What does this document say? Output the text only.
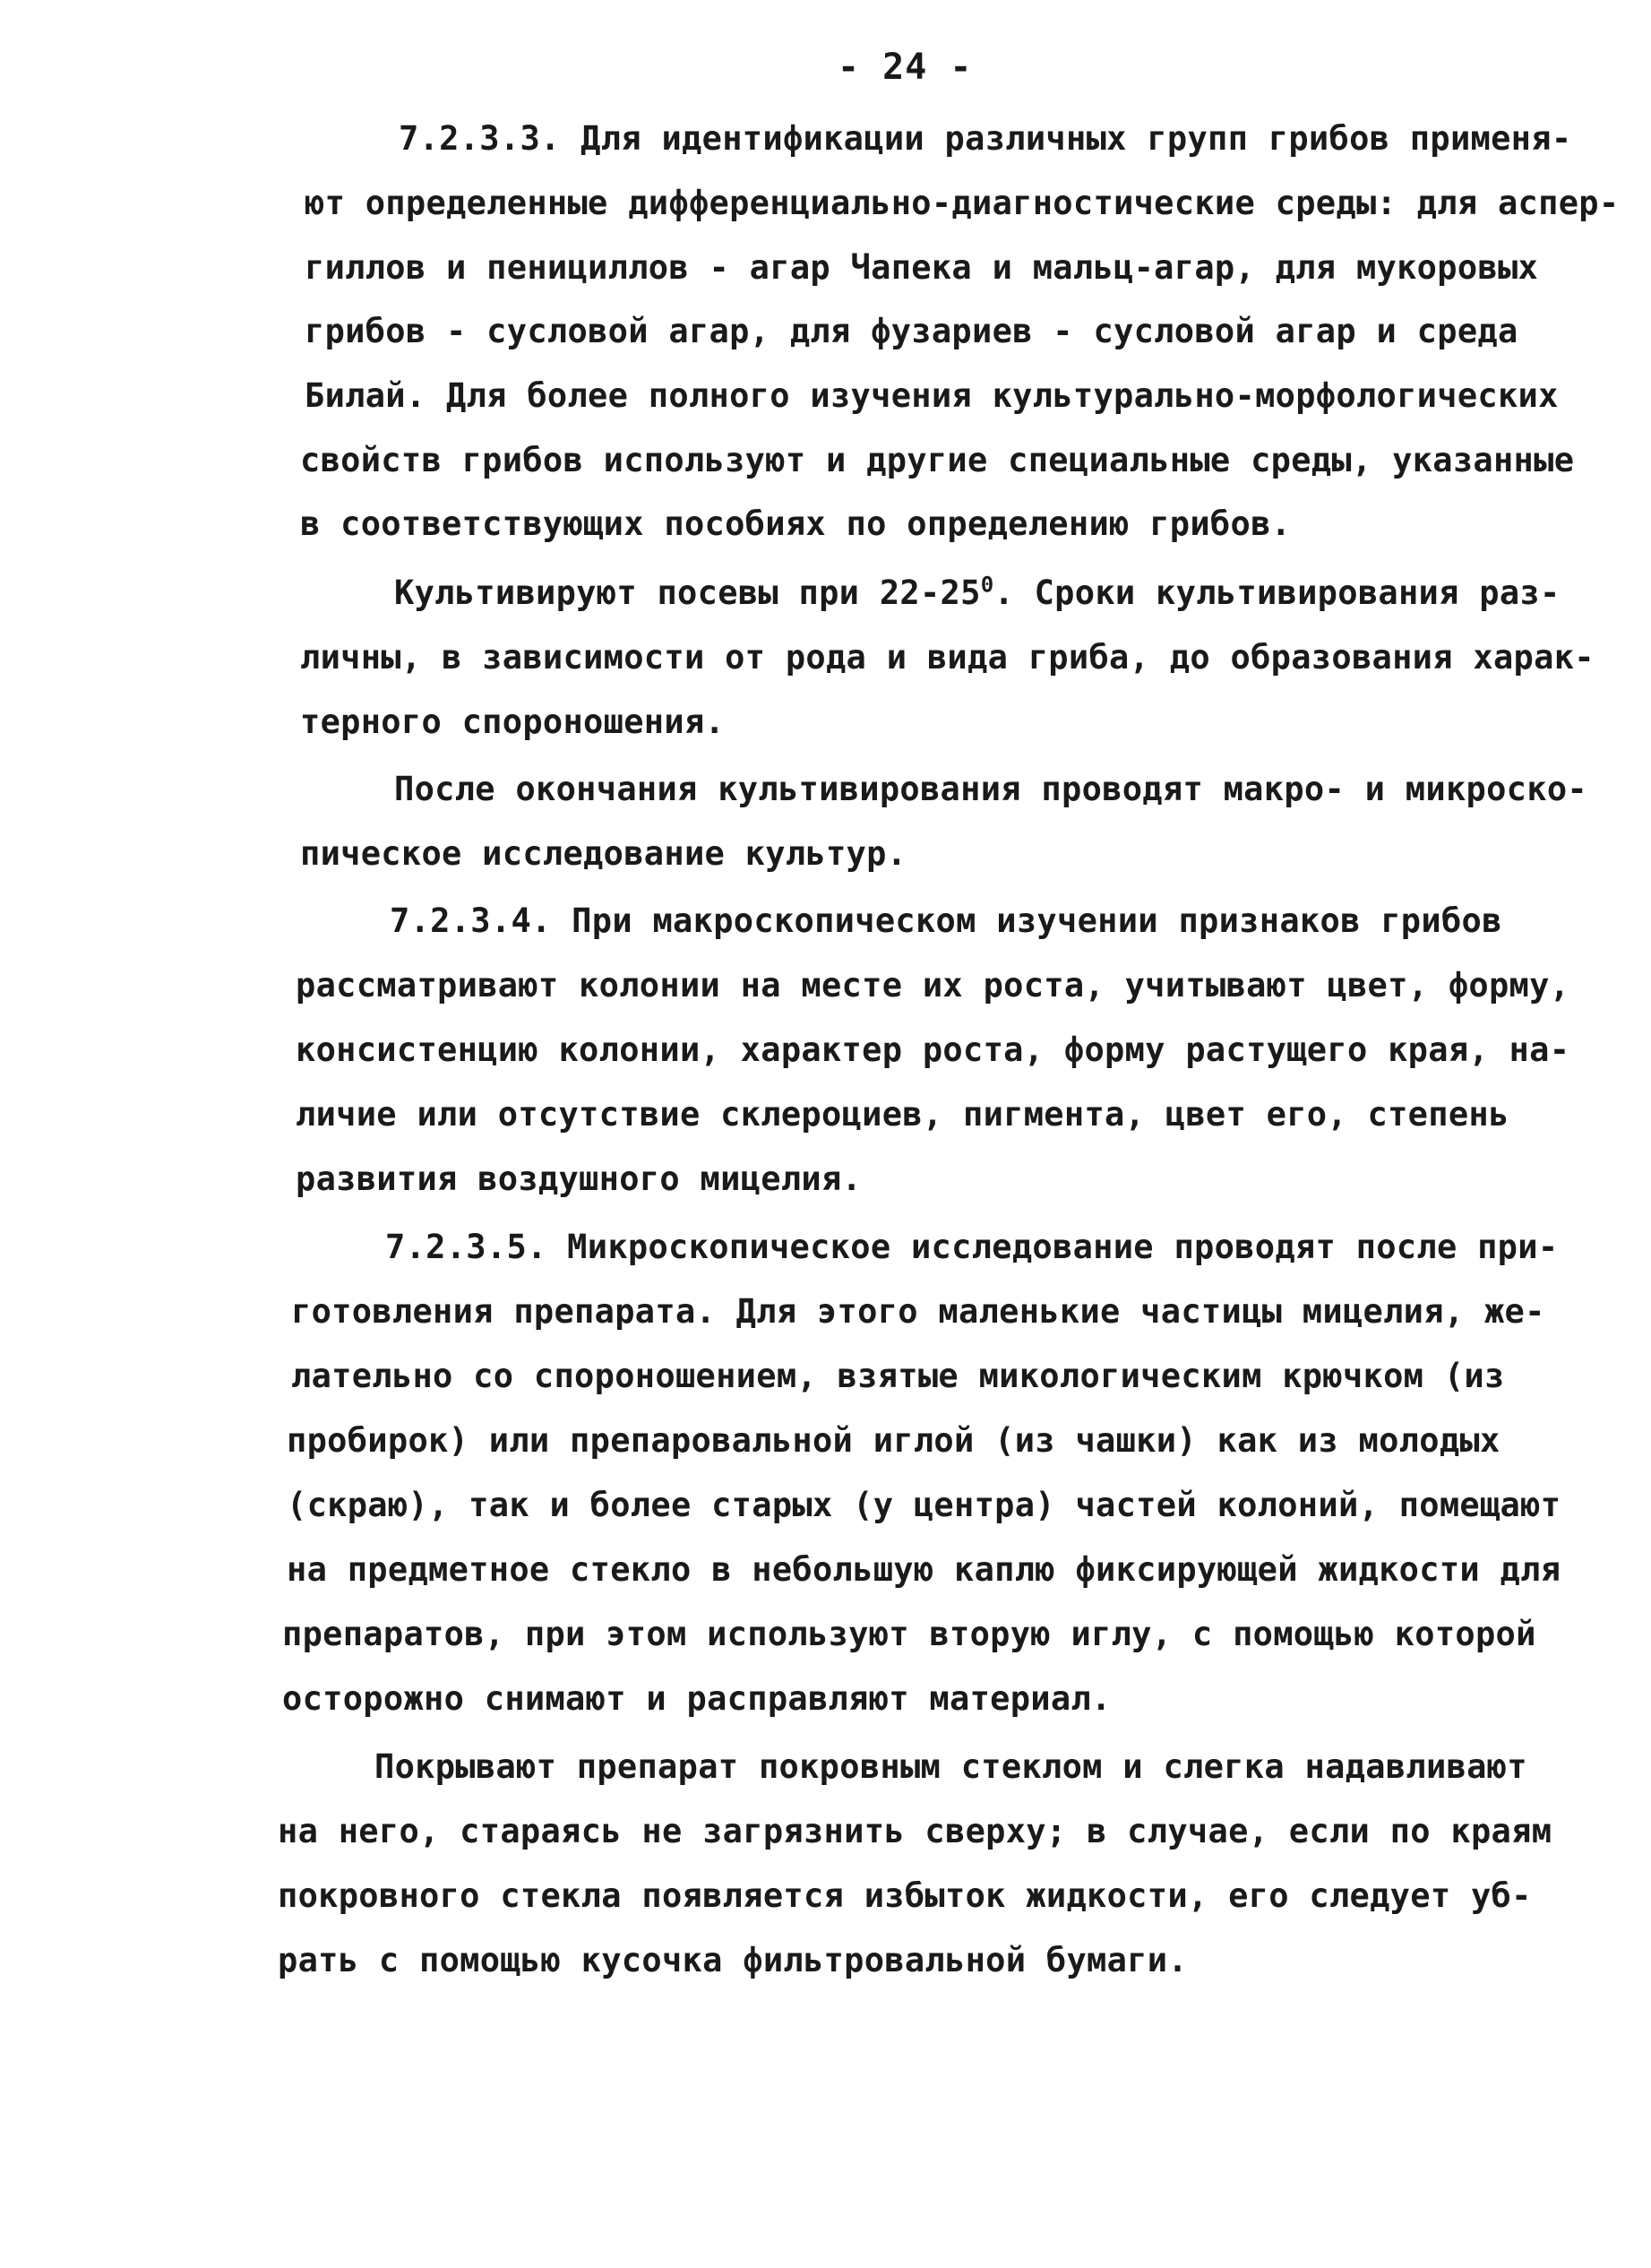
- 24 -
7.2.3.3. Для идентификации различных групп грибов применя-
ют определенные дифференциально-диагностические среды: для аспер-
гиллов и пенициллов - агар Чапека и мальц-агар, для мукоровых
грибов - сусловой агар, для фузариев - сусловой агар и среда
Билай. Для более полного изучения культурально-морфологических
свойств грибов используют и другие специальные среды, указанные
в соответствующих пособиях по определению грибов.
Культивируют посевы при $22-25^0$. Сроки культивирования раз-
личны, в зависимости от рода и вида гриба, до образования харак-
терного спороношения.
После окончания культивирования проводят макро- и микроско-
пическое исследование культур.
7.2.3.4. При макроскопическом изучении признаков грибов
рассматривают колонии на месте их роста, учитывают цвет, форму,
консистенцию колонии, характер роста, форму растущего края, на-
личие или отсутствие склероциев, пигмента, цвет его, степень
развития воздушного мицелия.
7.2.3.5. Микроскопическое исследование проводят после при-
готовления препарата. Для этого маленькие частицы мицелия, же-
лательно со спороношением, взятые микологическим крючком (из
пробирок) или препаровальной иглой (из чашки) как из молодых
(скраю), так и более старых (у центра) частей колоний, помещают
на предметное стекло в небольшую каплю фиксирующей жидкости для
препаратов, при этом используют вторую иглу, с помощью которой
осторожно снимают и расправляют материал.
Покрывают препарат покровным стеклом и слегка надавливают
на него, стараясь не загрязнить сверху; в случае, если по краям
покровного стекла появляется избыток жидкости, его следует уб-
рать с помощью кусочка фильтровальной бумаги.
